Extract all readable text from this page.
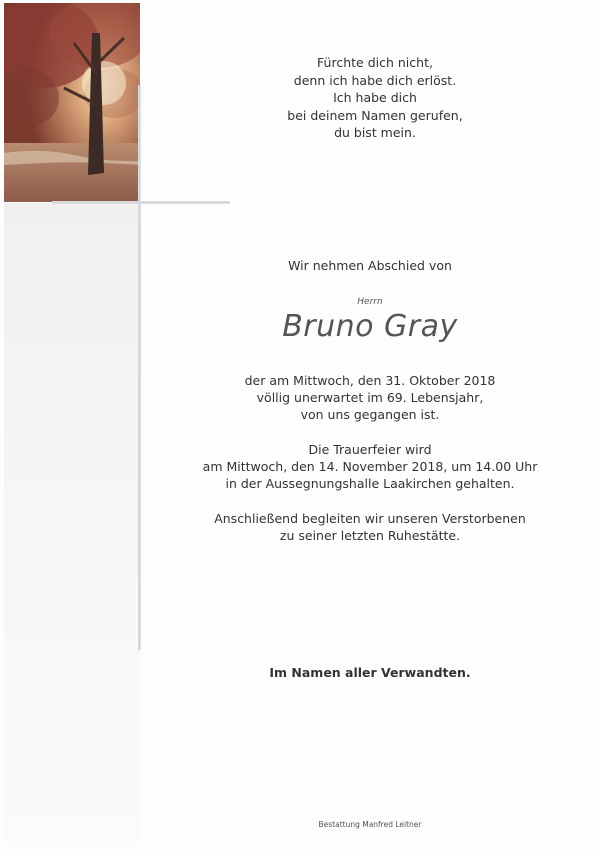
Fürchte dich nicht,
denn ich habe dich erlöst.
Ich habe dich
bei deinem Namen gerufen,
du bist mein.
Wir nehmen Abschied von
Herrn
Bruno Gray
der am Mittwoch, den 31. Oktober 2018
völlig unerwartet im 69. Lebensjahr,
von uns gegangen ist.
Die Trauerfeier wird
am Mittwoch, den 14. November 2018, um 14.00 Uhr
in der Aussegnungshalle Laakirchen gehalten.
Anschließend begleiten wir unseren Verstorbenen
zu seiner letzten Ruhestätte.
Im Namen aller Verwandten.
Bestattung Manfred Leitner
